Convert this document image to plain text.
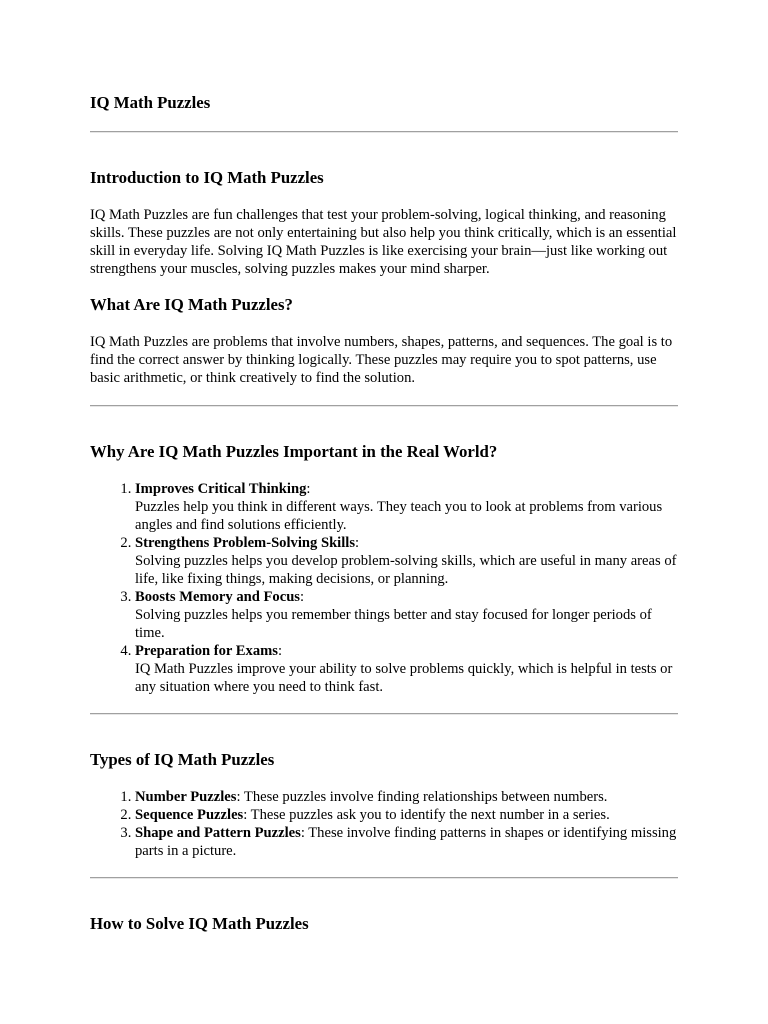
IQ Math Puzzles
Introduction to IQ Math Puzzles

IQ Math Puzzles are fun challenges that test your problem-solving, logical thinking, and reasoning skills. These puzzles are not only entertaining but also help you think critically, which is an essential skill in everyday life. Solving IQ Math Puzzles is like exercising your brain—just like working out strengthens your muscles, solving puzzles makes your mind sharper.

What Are IQ Math Puzzles?

IQ Math Puzzles are problems that involve numbers, shapes, patterns, and sequences. The goal is to find the correct answer by thinking logically. These puzzles may require you to spot patterns, use basic arithmetic, or think creatively to find the solution.

Why Are IQ Math Puzzles Important in the Real World?
1. Improves Critical Thinking:
Puzzles help you think in different ways. They teach you to look at problems from various angles and find solutions efficiently.
2. Strengthens Problem-Solving Skills:
Solving puzzles helps you develop problem-solving skills, which are useful in many areas of life, like fixing things, making decisions, or planning.
3. Boosts Memory and Focus:
Solving puzzles helps you remember things better and stay focused for longer periods of time.
4. Preparation for Exams:
IQ Math Puzzles improve your ability to solve problems quickly, which is helpful in tests or any situation where you need to think fast.
Types of IQ Math Puzzles
1. Number Puzzles: These puzzles involve finding relationships between numbers.
2. Sequence Puzzles: These puzzles ask you to identify the next number in a series.
3. Shape and Pattern Puzzles: These involve finding patterns in shapes or identifying missing parts in a picture.
How to Solve IQ Math Puzzles
